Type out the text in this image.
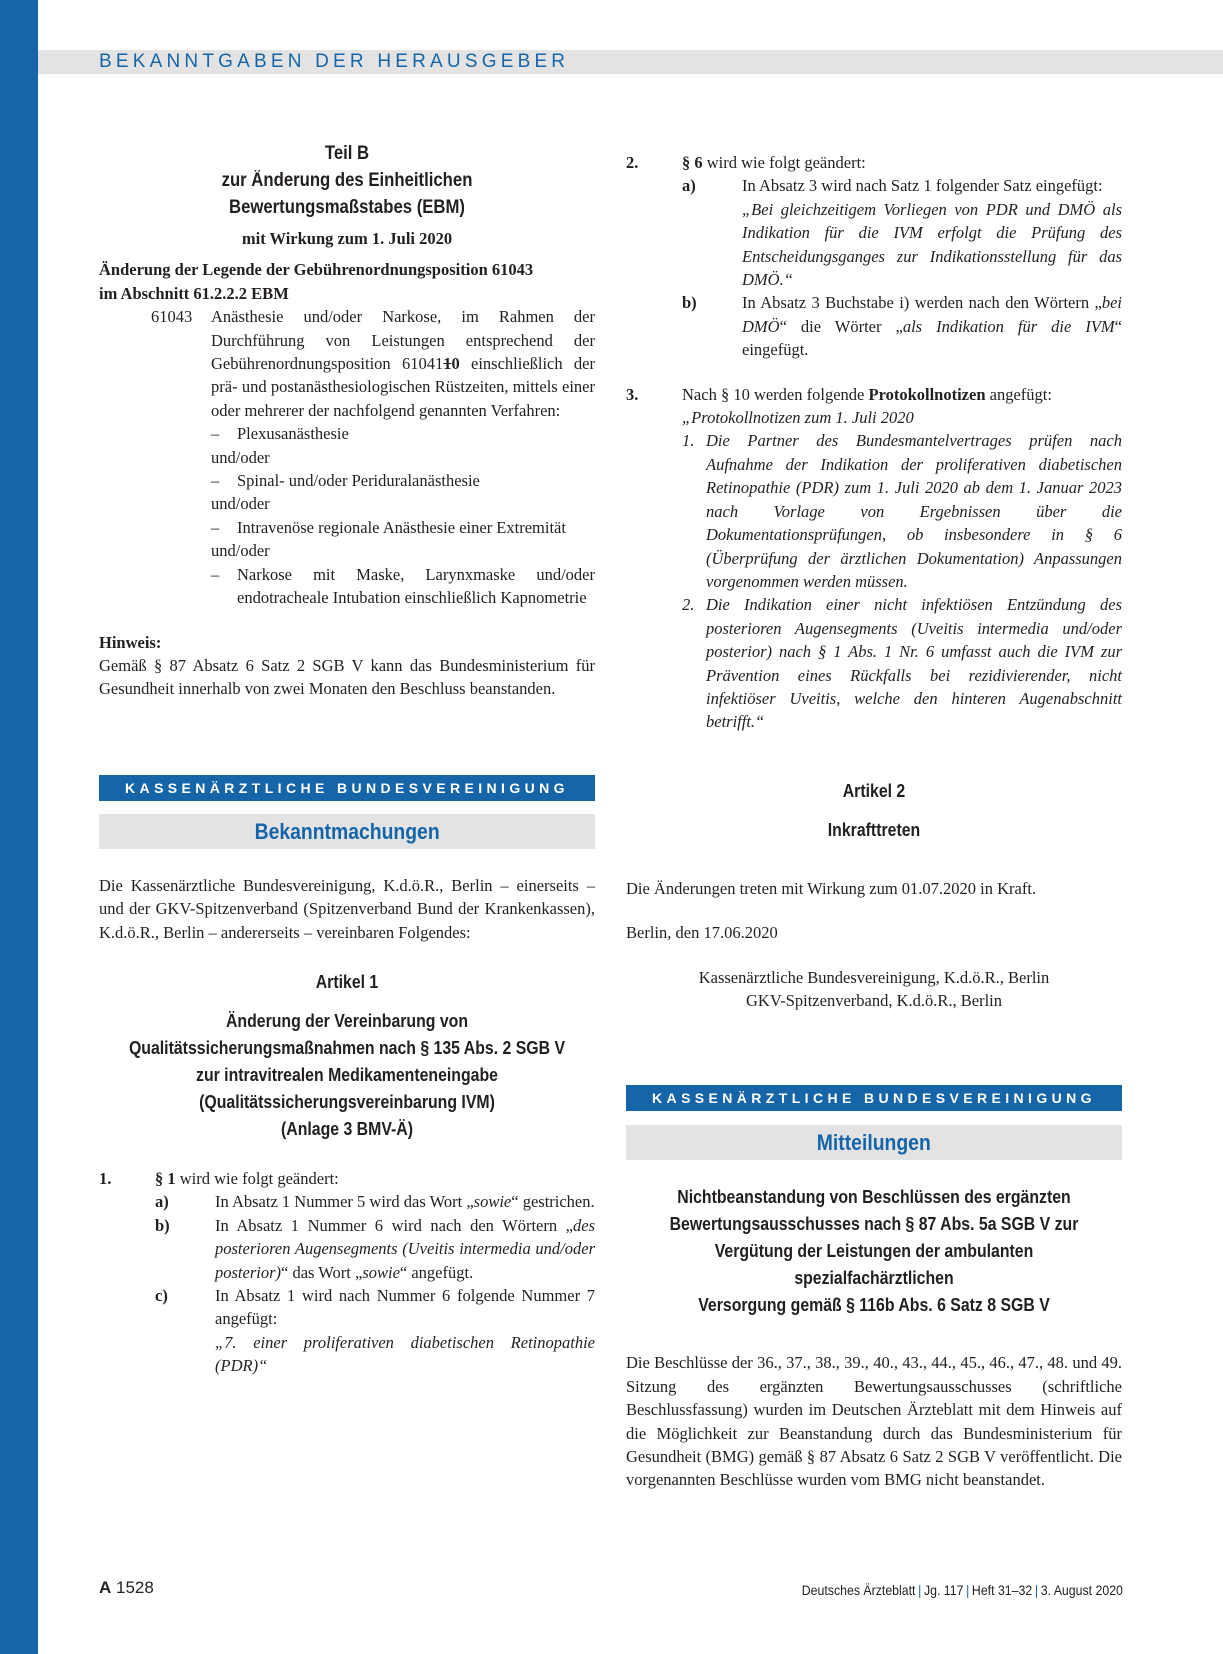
BEKANNTGABEN DER HERAUSGEBER
Teil B
zur Änderung des Einheitlichen Bewertungsmaßstabes (EBM)
mit Wirkung zum 1. Juli 2020
Änderung der Legende der Gebührenordnungsposition 61043
im Abschnitt 61.2.2.2 EBM
61043	Anästhesie und/oder Narkose, im Rahmen der Durchführung von Leistungen entsprechend der Gebührenordnungsposition 6104110 einschließlich der prä- und postanästhesiologischen Rüstzeiten, mittels einer oder mehrerer der nachfolgend genannten Verfahren:
–	Plexusanästhesie
und/oder
–	Spinal- und/oder Periduralanästhesie
und/oder
–	Intravenöse regionale Anästhesie einer Extremität
und/oder
–	Narkose mit Maske, Larynxmaske und/oder endotracheale Intubation einschließlich Kapnometrie
Hinweis:
Gemäß § 87 Absatz 6 Satz 2 SGB V kann das Bundesministerium für Gesundheit innerhalb von zwei Monaten den Beschluss beanstanden.
KASSENÄRZTLICHE BUNDESVEREINIGUNG
Bekanntmachungen
Die Kassenärztliche Bundesvereinigung, K.d.ö.R., Berlin – einerseits – und der GKV-Spitzenverband (Spitzenverband Bund der Krankenkassen), K.d.ö.R., Berlin – andererseits – vereinbaren Folgendes:
Artikel 1
Änderung der Vereinbarung von
Qualitätssicherungsmaßnahmen nach § 135 Abs. 2 SGB V
zur intravitrealen Medikamenteneingabe
(Qualitätssicherungsvereinbarung IVM)
(Anlage 3 BMV-Ä)
1.	§ 1 wird wie folgt geändert:
a)	In Absatz 1 Nummer 5 wird das Wort „sowie“ gestrichen.
b)	In Absatz 1 Nummer 6 wird nach den Wörtern „des posterioren Augensegments (Uveitis intermedia und/oder posterior)“ das Wort „sowie“ angefügt.
c)	In Absatz 1 wird nach Nummer 6 folgende Nummer 7 angefügt:
„7. einer proliferativen diabetischen Retinopathie (PDR)“
2.	§ 6 wird wie folgt geändert:
a)	In Absatz 3 wird nach Satz 1 folgender Satz eingefügt:
„Bei gleichzeitigem Vorliegen von PDR und DMÖ als Indikation für die IVM erfolgt die Prüfung des Entscheidungsganges zur Indikationsstellung für das DMÖ.“
b)	In Absatz 3 Buchstabe i) werden nach den Wörtern „bei DMÖ“ die Wörter „als Indikation für die IVM“ eingefügt.
3.	Nach § 10 werden folgende Protokollnotizen angefügt:
„Protokollnotizen zum 1. Juli 2020
1. Die Partner des Bundesmantelvertrages prüfen nach Aufnahme der Indikation der proliferativen diabetischen Retinopathie (PDR) zum 1. Juli 2020 ab dem 1. Januar 2023 nach Vorlage von Ergebnissen über die Dokumentationsprüfungen, ob insbesondere in § 6 (Überprüfung der ärztlichen Dokumentation) Anpassungen vorgenommen werden müssen.
2. Die Indikation einer nicht infektiösen Entzündung des posterioren Augensegments (Uveitis intermedia und/oder posterior) nach § 1 Abs. 1 Nr. 6 umfasst auch die IVM zur Prävention eines Rückfalls bei rezidivierender, nicht infektiöser Uveitis, welche den hinteren Augenabschnitt betrifft.“
Artikel 2
Inkrafttreten
Die Änderungen treten mit Wirkung zum 01.07.2020 in Kraft.
Berlin, den 17.06.2020
Kassenärztliche Bundesvereinigung, K.d.ö.R., Berlin
GKV-Spitzenverband, K.d.ö.R., Berlin
KASSENÄRZTLICHE BUNDESVEREINIGUNG
Mitteilungen
Nichtbeanstandung von Beschlüssen des ergänzten
Bewertungsausschusses nach § 87 Abs. 5a SGB V zur
Vergütung der Leistungen der ambulanten spezialfachärztlichen
Versorgung gemäß § 116b Abs. 6 Satz 8 SGB V
Die Beschlüsse der 36., 37., 38., 39., 40., 43., 44., 45., 46., 47., 48. und 49. Sitzung des ergänzten Bewertungsausschusses (schriftliche Beschlussfassung) wurden im Deutschen Ärzteblatt mit dem Hinweis auf die Möglichkeit zur Beanstandung durch das Bundesministerium für Gesundheit (BMG) gemäß § 87 Absatz 6 Satz 2 SGB V veröffentlicht. Die vorgenannten Beschlüsse wurden vom BMG nicht beanstandet.
A 1528	Deutsches Ärzteblatt | Jg. 117 | Heft 31–32 | 3. August 2020
